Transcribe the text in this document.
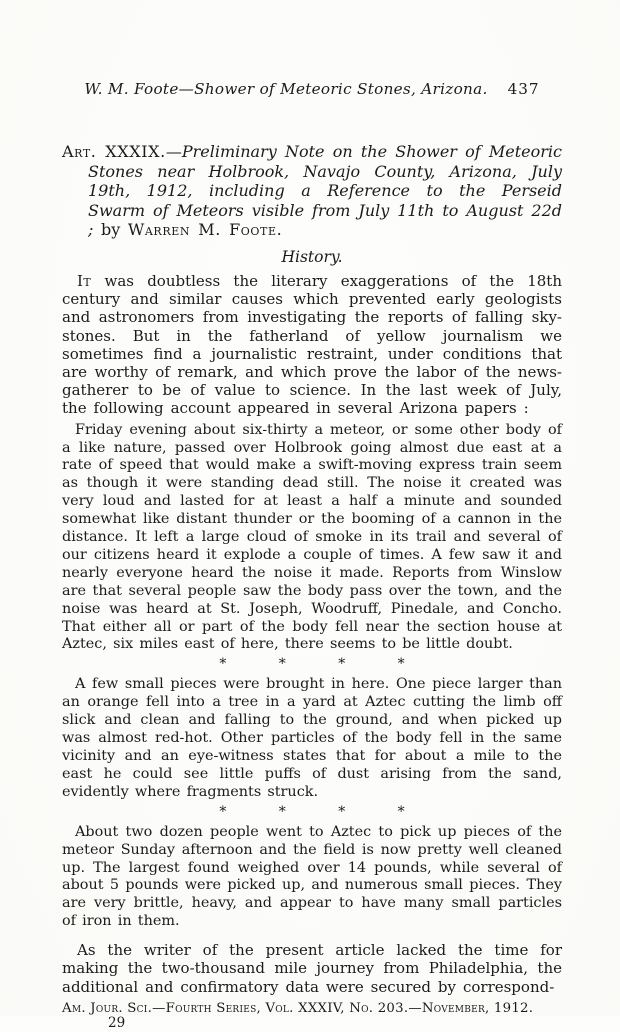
W. M. Foote—Shower of Meteoric Stones, Arizona. 437

Art. XXXIX.—Preliminary Note on the Shower of Meteoric Stones near Holbrook, Navajo County, Arizona, July 19th, 1912, including a Reference to the Perseid Swarm of Meteors visible from July 11th to August 22d ; by Warren M. Foote.

History.

It was doubtless the literary exaggerations of the 18th century and similar causes which prevented early geologists and astronomers from investigating the reports of falling sky-stones. But in the fatherland of yellow journalism we sometimes find a journalistic restraint, under conditions that are worthy of remark, and which prove the labor of the news-gatherer to be of value to science. In the last week of July, the following account appeared in several Arizona papers :

Friday evening about six-thirty a meteor, or some other body of a like nature, passed over Holbrook going almost due east at a rate of speed that would make a swift-moving express train seem as though it were standing dead still. The noise it created was very loud and lasted for at least a half a minute and sounded somewhat like distant thunder or the booming of a cannon in the distance. It left a large cloud of smoke in its trail and several of our citizens heard it explode a couple of times. A few saw it and nearly everyone heard the noise it made. Reports from Winslow are that several people saw the body pass over the town, and the noise was heard at St. Joseph, Woodruff, Pinedale, and Concho. That either all or part of the body fell near the section house at Aztec, six miles east of here, there seems to be little doubt.

* * * *

A few small pieces were brought in here. One piece larger than an orange fell into a tree in a yard at Aztec cutting the limb off slick and clean and falling to the ground, and when picked up was almost red-hot. Other particles of the body fell in the same vicinity and an eye-witness states that for about a mile to the east he could see little puffs of dust arising from the sand, evidently where fragments struck.

* * * *

About two dozen people went to Aztec to pick up pieces of the meteor Sunday afternoon and the field is now pretty well cleaned up. The largest found weighed over 14 pounds, while several of about 5 pounds were picked up, and numerous small pieces. They are very brittle, heavy, and appear to have many small particles of iron in them.

As the writer of the present article lacked the time for making the two-thousand mile journey from Philadelphia, the additional and confirmatory data were secured by correspond-

Am. Jour. Sci.—Fourth Series, Vol. XXXIV, No. 203.—November, 1912.
29
